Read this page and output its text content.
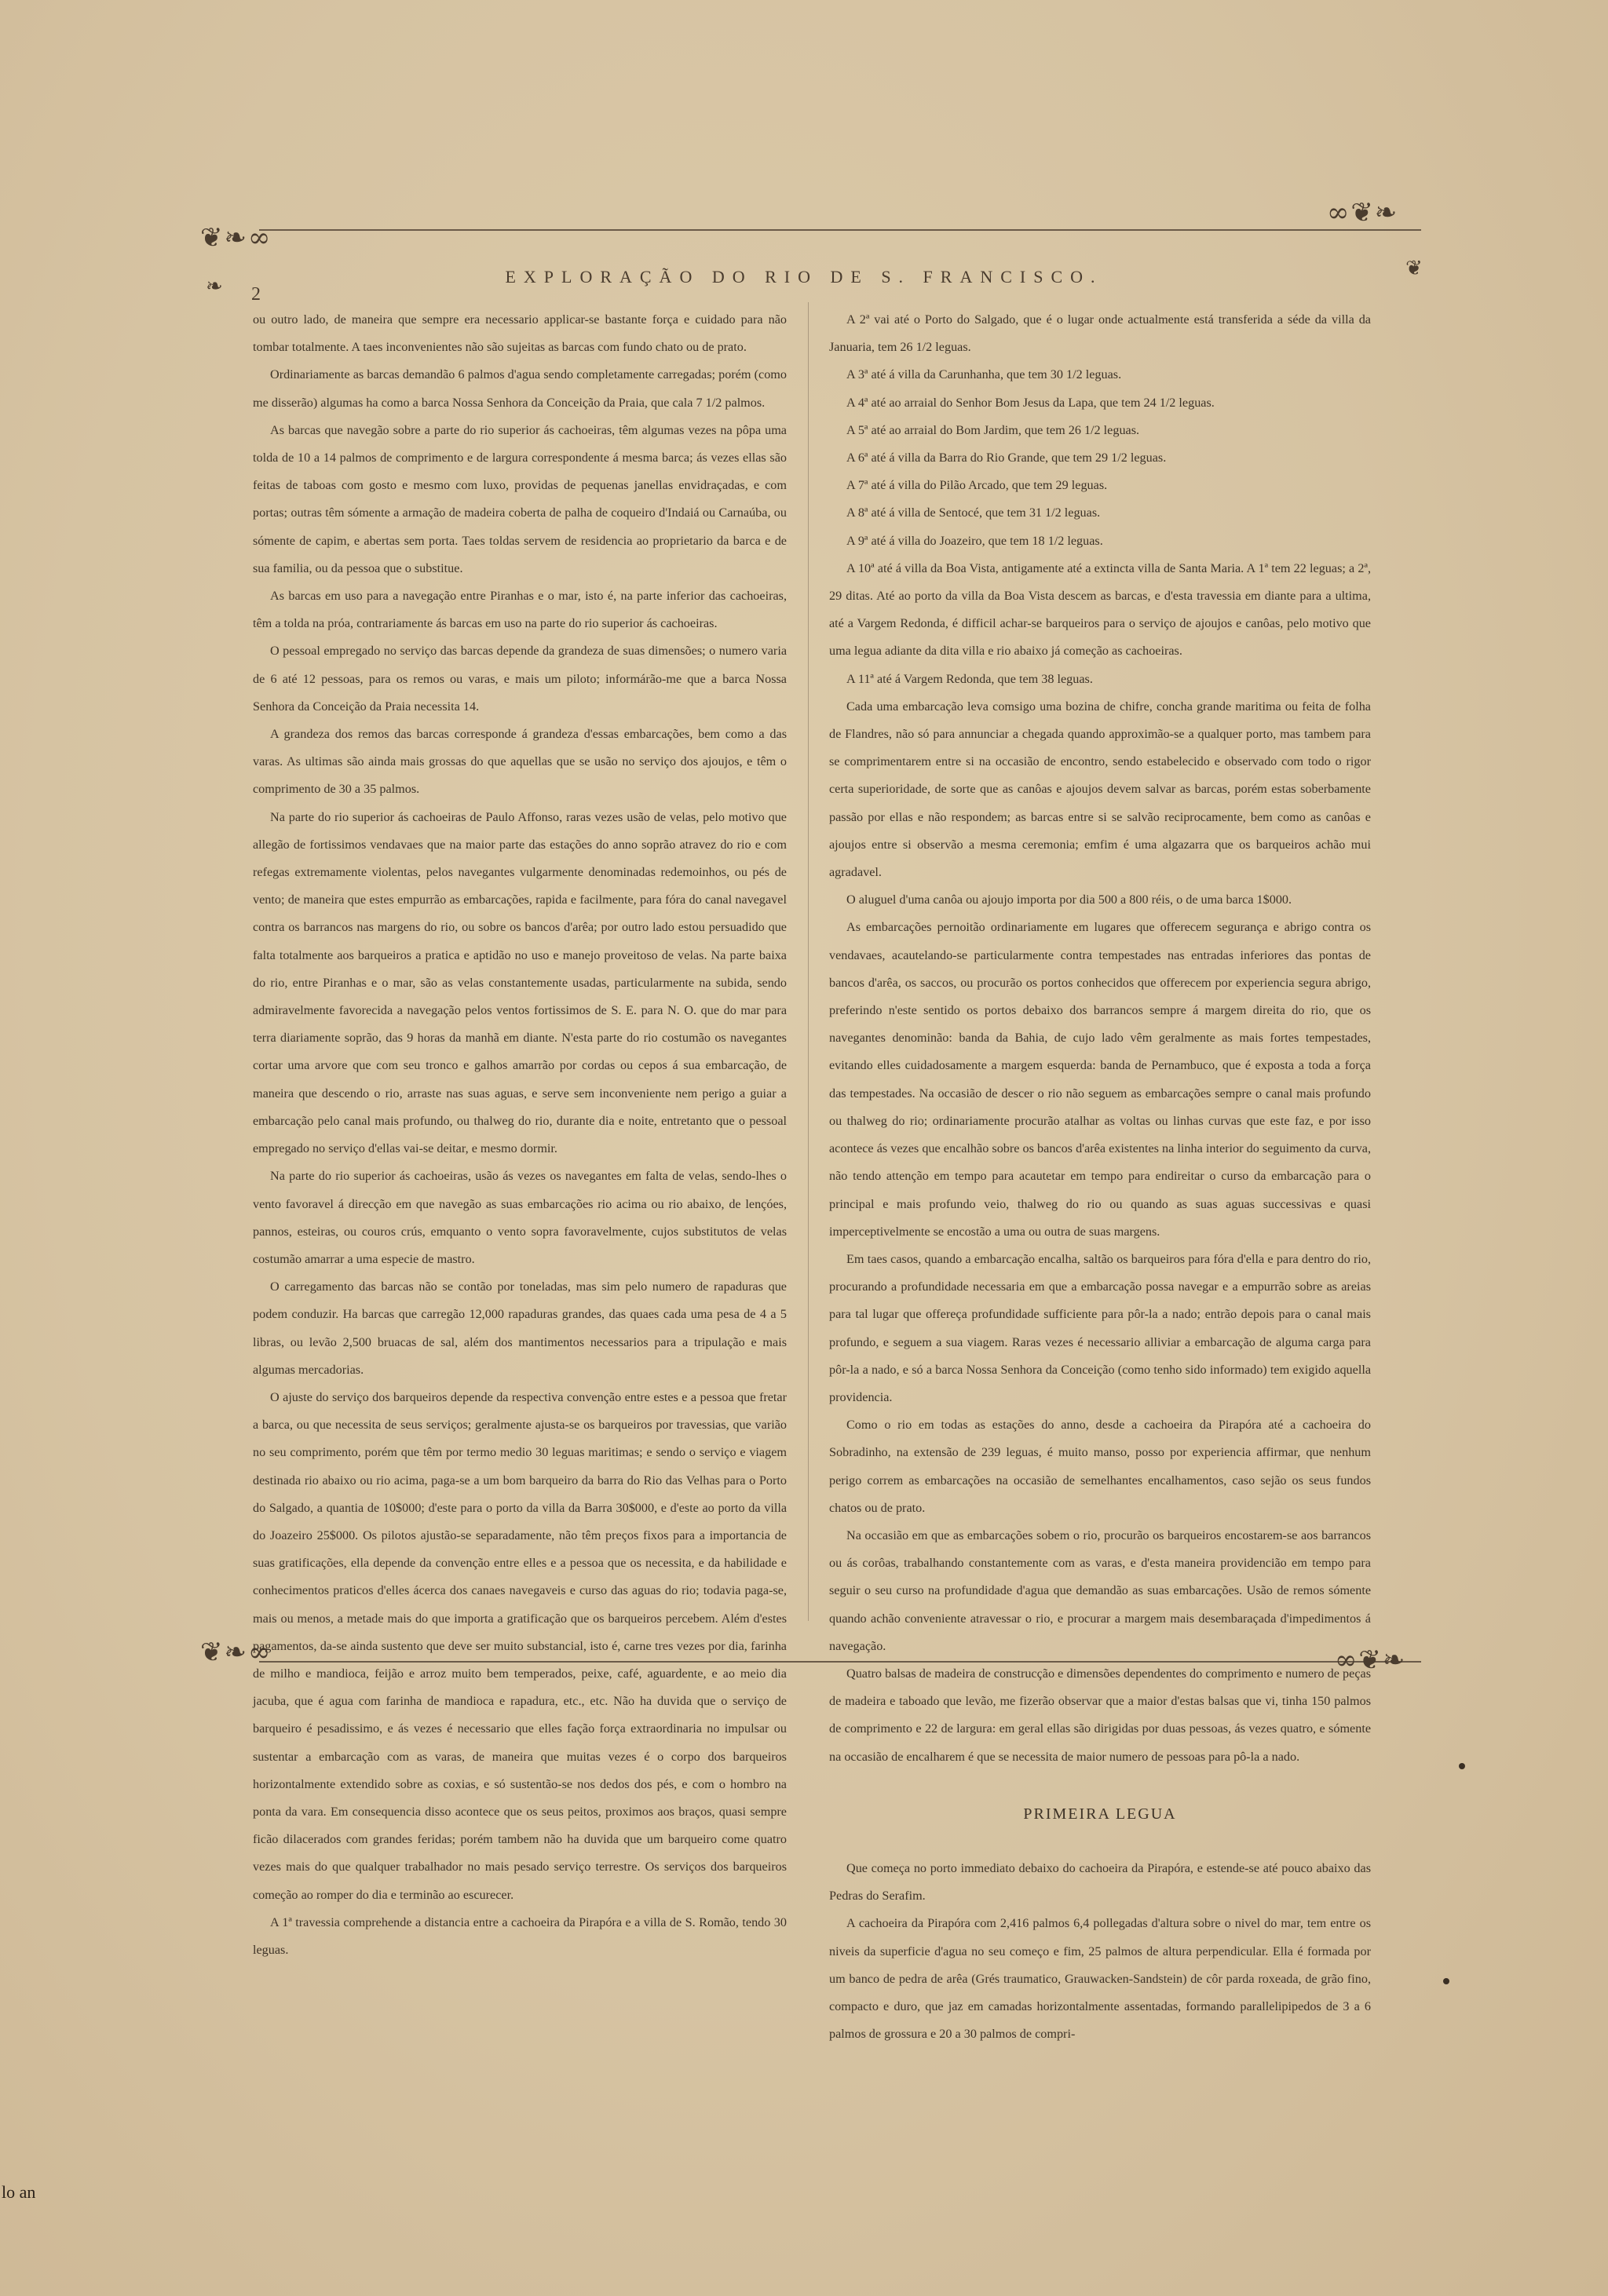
❦❧∞
∞❦❧
❦❧∞	∞❦❧
❧
❦
2
EXPLORAÇÃO DO RIO DE S. FRANCISCO.

ou outro lado, de maneira que sempre era necessario applicar-se bastante força e cuidado para não tombar totalmente. A taes inconvenientes não são sujeitas as barcas com fundo chato ou de prato.

Ordinariamente as barcas demandão 6 palmos d'agua sendo completamente carregadas; porém (como me disserão) algumas ha como a barca Nossa Senhora da Conceição da Praia, que cala 7 1/2 palmos.

As barcas que navegão sobre a parte do rio superior ás cachoeiras, têm algumas vezes na pôpa uma tolda de 10 a 14 palmos de comprimento e de largura correspondente á mesma barca; ás vezes ellas são feitas de taboas com gosto e mesmo com luxo, providas de pequenas janellas envidraçadas, e com portas; outras têm sómente a armação de madeira coberta de palha de coqueiro d'Indaiá ou Carnaúba, ou sómente de capim, e abertas sem porta. Taes toldas servem de residencia ao proprietario da barca e de sua familia, ou da pessoa que o substitue.

As barcas em uso para a navegação entre Piranhas e o mar, isto é, na parte inferior das cachoeiras, têm a tolda na próa, contrariamente ás barcas em uso na parte do rio superior ás cachoeiras.

O pessoal empregado no serviço das barcas depende da grandeza de suas dimensões; o numero varia de 6 até 12 pessoas, para os remos ou varas, e mais um piloto; informárão-me que a barca Nossa Senhora da Conceição da Praia necessita 14.

A grandeza dos remos das barcas corresponde á grandeza d'essas embarcações, bem como a das varas. As ultimas são ainda mais grossas do que aquellas que se usão no serviço dos ajoujos, e têm o comprimento de 30 a 35 palmos.

Na parte do rio superior ás cachoeiras de Paulo Affonso, raras vezes usão de velas, pelo motivo que allegão de fortissimos vendavaes que na maior parte das estações do anno soprão atravez do rio e com refegas extremamente violentas, pelos navegantes vulgarmente denominadas redemoinhos, ou pés de vento; de maneira que estes empurrão as embarcações, rapida e facilmente, para fóra do canal navegavel contra os barrancos nas margens do rio, ou sobre os bancos d'arêa; por outro lado estou persuadido que falta totalmente aos barqueiros a pratica e aptidão no uso e manejo proveitoso de velas. Na parte baixa do rio, entre Piranhas e o mar, são as velas constantemente usadas, particularmente na subida, sendo admiravelmente favorecida a navegação pelos ventos fortissimos de S. E. para N. O. que do mar para terra diariamente soprão, das 9 horas da manhã em diante. N'esta parte do rio costumão os navegantes cortar uma arvore que com seu tronco e galhos amarrão por cordas ou cepos á sua embarcação, de maneira que descendo o rio, arraste nas suas aguas, e serve sem inconveniente nem perigo a guiar a embarcação pelo canal mais profundo, ou thalweg do rio, durante dia e noite, entretanto que o pessoal empregado no serviço d'ellas vai-se deitar, e mesmo dormir.

Na parte do rio superior ás cachoeiras, usão ás vezes os navegantes em falta de velas, sendo-lhes o vento favoravel á direcção em que navegão as suas embarcações rio acima ou rio abaixo, de lençóes, pannos, esteiras, ou couros crús, emquanto o vento sopra favoravelmente, cujos substitutos de velas costumão amarrar a uma especie de mastro.

O carregamento das barcas não se contão por toneladas, mas sim pelo numero de rapaduras que podem conduzir. Ha barcas que carregão 12,000 rapaduras grandes, das quaes cada uma pesa de 4 a 5 libras, ou levão 2,500 bruacas de sal, além dos mantimentos necessarios para a tripulação e mais algumas mercadorias.

O ajuste do serviço dos barqueiros depende da respectiva convenção entre estes e a pessoa que fretar a barca, ou que necessita de seus serviços; geralmente ajusta-se os barqueiros por travessias, que varião no seu comprimento, porém que têm por termo medio 30 leguas maritimas; e sendo o serviço e viagem destinada rio abaixo ou rio acima, paga-se a um bom barqueiro da barra do Rio das Velhas para o Porto do Salgado, a quantia de 10$000; d'este para o porto da villa da Barra 30$000, e d'este ao porto da villa do Joazeiro 25$000. Os pilotos ajustão-se separadamente, não têm preços fixos para a importancia de suas gratificações, ella depende da convenção entre elles e a pessoa que os necessita, e da habilidade e conhecimentos praticos d'elles ácerca dos canaes navegaveis e curso das aguas do rio; todavia paga-se, mais ou menos, a metade mais do que importa a gratificação que os barqueiros percebem. Além d'estes pagamentos, da-se ainda sustento que deve ser muito substancial, isto é, carne tres vezes por dia, farinha de milho e mandioca, feijão e arroz muito bem temperados, peixe, café, aguardente, e ao meio dia jacuba, que é agua com farinha de mandioca e rapadura, etc., etc. Não ha duvida que o serviço de barqueiro é pesadissimo, e ás vezes é necessario que elles fação força extraordinaria no impulsar ou sustentar a embarcação com as varas, de maneira que muitas vezes é o corpo dos barqueiros horizontalmente extendido sobre as coxias, e só sustentão-se nos dedos dos pés, e com o hombro na ponta da vara. Em consequencia disso acontece que os seus peitos, proximos aos braços, quasi sempre ficão dilacerados com grandes feridas; porém tambem não ha duvida que um barqueiro come quatro vezes mais do que qualquer trabalhador no mais pesado serviço terrestre. Os serviços dos barqueiros começão ao romper do dia e terminão ao escurecer.

A 1ª travessia comprehende a distancia entre a cachoeira da Pirapóra e a villa de S. Romão, tendo 30 leguas.

A 2ª vai até o Porto do Salgado, que é o lugar onde actualmente está transferida a séde da villa da Januaria, tem 26 1/2 leguas.

A 3ª até á villa da Carunhanha, que tem 30 1/2 leguas.

A 4ª até ao arraial do Senhor Bom Jesus da Lapa, que tem 24 1/2 leguas.

A 5ª até ao arraial do Bom Jardim, que tem 26 1/2 leguas.

A 6ª até á villa da Barra do Rio Grande, que tem 29 1/2 leguas.

A 7ª até á villa do Pilão Arcado, que tem 29 leguas.

A 8ª até á villa de Sentocé, que tem 31 1/2 leguas.

A 9ª até á villa do Joazeiro, que tem 18 1/2 leguas.

A 10ª até á villa da Boa Vista, antigamente até a extincta villa de Santa Maria. A 1ª tem 22 leguas; a 2ª, 29 ditas. Até ao porto da villa da Boa Vista descem as barcas, e d'esta travessia em diante para a ultima, até a Vargem Redonda, é difficil achar-se barqueiros para o serviço de ajoujos e canôas, pelo motivo que uma legua adiante da dita villa e rio abaixo já começão as cachoeiras.

A 11ª até á Vargem Redonda, que tem 38 leguas.

Cada uma embarcação leva comsigo uma bozina de chifre, concha grande maritima ou feita de folha de Flandres, não só para annunciar a chegada quando approximão-se a qualquer porto, mas tambem para se comprimentarem entre si na occasião de encontro, sendo estabelecido e observado com todo o rigor certa superioridade, de sorte que as canôas e ajoujos devem salvar as barcas, porém estas soberbamente passão por ellas e não respondem; as barcas entre si se salvão reciprocamente, bem como as canôas e ajoujos entre si observão a mesma ceremonia; emfim é uma algazarra que os barqueiros achão mui agradavel.

O aluguel d'uma canôa ou ajoujo importa por dia 500 a 800 réis, o de uma barca 1$000.

As embarcações pernoitão ordinariamente em lugares que offerecem segurança e abrigo contra os vendavaes, acautelando-se particularmente contra tempestades nas entradas inferiores das pontas de bancos d'arêa, os saccos, ou procurão os portos conhecidos que offerecem por experiencia segura abrigo, preferindo n'este sentido os portos debaixo dos barrancos sempre á margem direita do rio, que os navegantes denominão: banda da Bahia, de cujo lado vêm geralmente as mais fortes tempestades, evitando elles cuidadosamente a margem esquerda: banda de Pernambuco, que é exposta a toda a força das tempestades. Na occasião de descer o rio não seguem as embarcações sempre o canal mais profundo ou thalweg do rio; ordinariamente procurão atalhar as voltas ou linhas curvas que este faz, e por isso acontece ás vezes que encalhão sobre os bancos d'arêa existentes na linha interior do seguimento da curva, não tendo attenção em tempo para acautetar em tempo para endireitar o curso da embarcação para o principal e mais profundo veio, thalweg do rio ou quando as suas aguas successivas e quasi imperceptivelmente se encostão a uma ou outra de suas margens.

Em taes casos, quando a embarcação encalha, saltão os barqueiros para fóra d'ella e para dentro do rio, procurando a profundidade necessaria em que a embarcação possa navegar e a empurrão sobre as areias para tal lugar que offereça profundidade sufficiente para pôr-la a nado; entrão depois para o canal mais profundo, e seguem a sua viagem. Raras vezes é necessario alliviar a embarcação de alguma carga para pôr-la a nado, e só a barca Nossa Senhora da Conceição (como tenho sido informado) tem exigido aquella providencia.

Como o rio em todas as estações do anno, desde a cachoeira da Pirapóra até a cachoeira do Sobradinho, na extensão de 239 leguas, é muito manso, posso por experiencia affirmar, que nenhum perigo correm as embarcações na occasião de semelhantes encalhamentos, caso sejão os seus fundos chatos ou de prato.

Na occasião em que as embarcações sobem o rio, procurão os barqueiros encostarem-se aos barrancos ou ás corôas, trabalhando constantemente com as varas, e d'esta maneira providencião em tempo para seguir o seu curso na profundidade d'agua que demandão as suas embarcações. Usão de remos sómente quando achão conveniente atravessar o rio, e procurar a margem mais desembaraçada d'impedimentos á navegação.

Quatro balsas de madeira de construcção e dimensões dependentes do comprimento e numero de peças de madeira e taboado que levão, me fizerão observar que a maior d'estas balsas que vi, tinha 150 palmos de comprimento e 22 de largura: em geral ellas são dirigidas por duas pessoas, ás vezes quatro, e sómente na occasião de encalharem é que se necessita de maior numero de pessoas para pô-la a nado.

PRIMEIRA LEGUA

Que começa no porto immediato debaixo do cachoeira da Pirapóra, e estende-se até pouco abaixo das Pedras do Serafim.

A cachoeira da Pirapóra com 2,416 palmos 6,4 pollegadas d'altura sobre o nivel do mar, tem entre os niveis da superficie d'agua no seu começo e fim, 25 palmos de altura perpendicular. Ella é formada por um banco de pedra de arêa (Grés traumatico, Grauwacken-Sandstein) de côr parda roxeada, de grão fino, compacto e duro, que jaz em camadas horizontalmente assentadas, formando parallelipipedos de 3 a 6 palmos de grossura e 20 a 30 palmos de compri-

lo an
